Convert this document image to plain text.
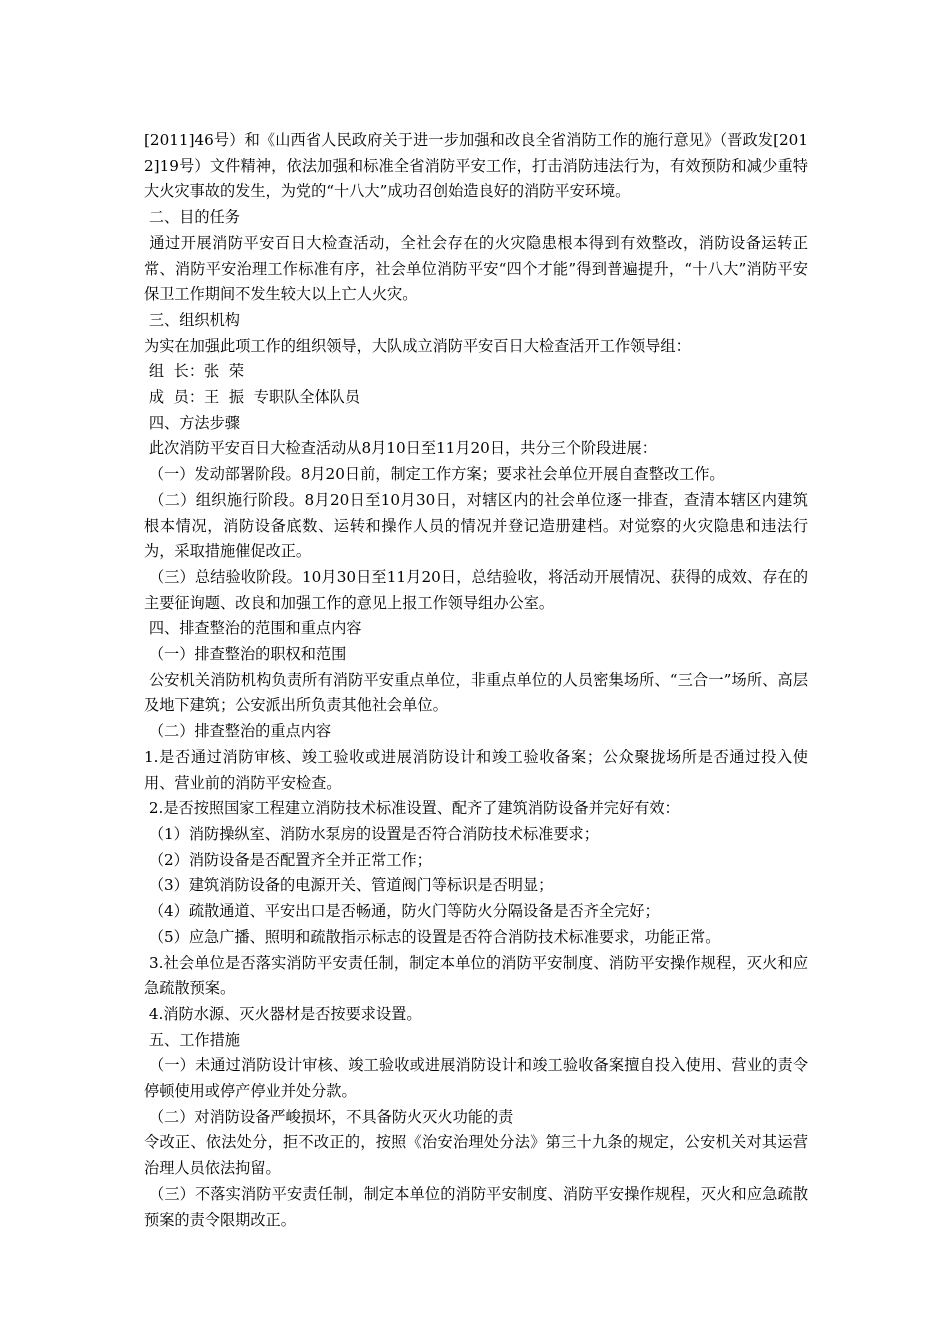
[2011]46号）和《山西省人民政府关于进一步加强和改良全省消防工作的施行意见》（晋政发[2012]19号）文件精神，依法加强和标准全省消防平安工作，打击消防违法行为，有效预防和减少重特大火灾事故的发生，为党的“十八大”成功召创始造良好的消防平安环境。

二、目的任务

通过开展消防平安百日大检查活动，全社会存在的火灾隐患根本得到有效整改，消防设备运转正常、消防平安治理工作标准有序，社会单位消防平安“四个才能”得到普遍提升，“十八大”消防平安保卫工作期间不发生较大以上亡人火灾。

三、组织机构

为实在加强此项工作的组织领导，大队成立消防平安百日大检查活开工作领导组：

组  长：张  荣

成  员：王  振  专职队全体队员

四、方法步骤

此次消防平安百日大检查活动从8月10日至11月20日，共分三个阶段进展：

（一）发动部署阶段。8月20日前，制定工作方案；要求社会单位开展自查整改工作。

（二）组织施行阶段。8月20日至10月30日，对辖区内的社会单位逐一排查，查清本辖区内建筑根本情况，消防设备底数、运转和操作人员的情况并登记造册建档。对觉察的火灾隐患和违法行为，采取措施催促改正。

（三）总结验收阶段。10月30日至11月20日，总结验收，将活动开展情况、获得的成效、存在的主要征询题、改良和加强工作的意见上报工作领导组办公室。

四、排查整治的范围和重点内容

（一）排查整治的职权和范围

公安机关消防机构负责所有消防平安重点单位，非重点单位的人员密集场所、“三合一”场所、高层及地下建筑；公安派出所负责其他社会单位。

（二）排查整治的重点内容

1.是否通过消防审核、竣工验收或进展消防设计和竣工验收备案；公众聚拢场所是否通过投入使用、营业前的消防平安检查。

2.是否按照国家工程建立消防技术标准设置、配齐了建筑消防设备并完好有效：

（1）消防操纵室、消防水泵房的设置是否符合消防技术标准要求；

（2）消防设备是否配置齐全并正常工作；

（3）建筑消防设备的电源开关、管道阀门等标识是否明显；

（4）疏散通道、平安出口是否畅通，防火门等防火分隔设备是否齐全完好；

（5）应急广播、照明和疏散指示标志的设置是否符合消防技术标准要求，功能正常。

3.社会单位是否落实消防平安责任制，制定本单位的消防平安制度、消防平安操作规程，灭火和应急疏散预案。

4.消防水源、灭火器材是否按要求设置。

五、工作措施

（一）未通过消防设计审核、竣工验收或进展消防设计和竣工验收备案擅自投入使用、营业的责令停顿使用或停产停业并处分款。

（二）对消防设备严峻损坏，不具备防火灭火功能的责

令改正、依法处分，拒不改正的，按照《治安治理处分法》第三十九条的规定，公安机关对其运营治理人员依法拘留。

（三）不落实消防平安责任制，制定本单位的消防平安制度、消防平安操作规程，灭火和应急疏散预案的责令限期改正。
